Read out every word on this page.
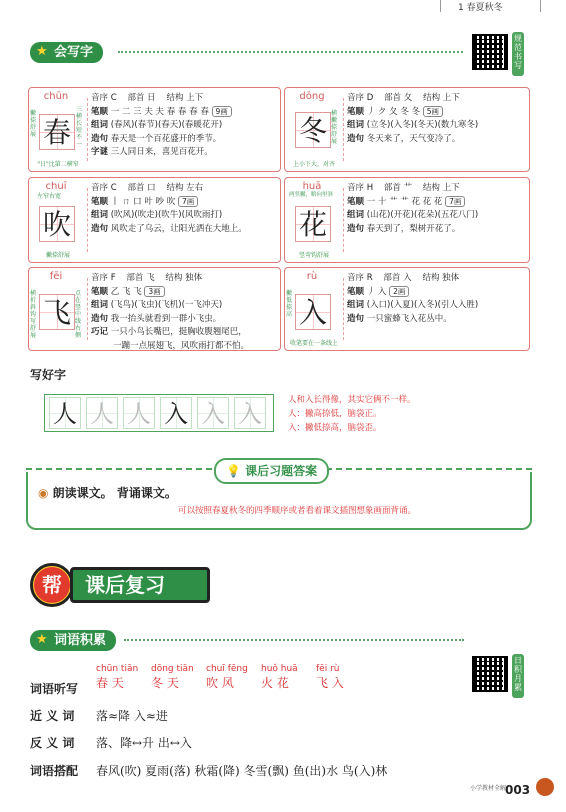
1 春夏秋冬
★ 会写字
规范书写
chūn
春
撇捺舒展
三横长短不一
"日"比第二横窄
音序 C 部首 日 结构 上下
笔顺 一 二 三 夫 夫 春 春 春 春 9画
组词 (春风)(春节)(春天)(春暖花开)
造句 春天是一个百花盛开的季节。
字谜 三人同日来，喜见百花开。
dōng
冬
横撇 捺舒展
上小下大，对齐
音序 D 部首 夂 结构 上下
笔顺 丿 ク 夂 冬 冬 5画
组词 (立冬)(入冬)(冬天)(数九寒冬)
造句 冬天来了，天气变冷了。
chuī
左窄右宽
吹
撇捺舒展
音序 C 部首 口 结构 左右
笔顺 丨 ㄇ 口 叶 吵 吹 7画
组词 (吹风)(吹走)(吹牛)(风吹雨打)
造句 风吹走了乌云，让阳光洒在大地上。
huā
两竖撇，略向里斜
花
竖弯钩舒展
音序 H 部首 艹 结构 上下
笔顺 一 十 艹 艹 花 花 花 7画
组词 (山花)(开花)(花朵)(五花八门)
造句 春天到了，梨树开花了。
fēi
横折斜钩写舒展
飞
点在竖中线右侧
音序 F 部首 飞 结构 独体
笔顺 乙 飞 飞 3画
组词 (飞鸟)(飞虫)(飞机)(一飞冲天)
造句 我一抬头就看到一群小飞虫。
巧记 一只小鸟长嘴巴，挺胸收腹翘尾巴，
一蹦一点展翅飞，风吹雨打都不怕。
rù
撇低捺高 入
收笔要在一条线上
音序 R 部首 入 结构 独体
笔顺 丿 入 2画
组词 (入口)(入夏)(入冬)(引人入胜)
造句 一只蜜蜂飞入花丛中。
写好字
人 人 人 入 入 入	人和入长得像，其实它俩不一样。
人：撇高捺低，脑袋正。
入：撇低捺高，脑袋歪。
💡 课后习题答案
◉ 朗读课文。 背诵课文。
可以按照春夏秋冬的四季顺序或者看着课文插图想象画面背诵。
帮	课后复习
★ 词语积累
日积月累
词语听写
chūn tiān
春 天
dōng tiān
冬 天
chuī fēng
吹 风
huǒ huā
火 花
fēi rù
飞 入
近 义 词 落≈降 入≈进
反 义 词 落、降↔升 出↔入
词语搭配 春风(吹) 夏雨(落) 秋霜(降) 冬雪(飘) 鱼(出)水 鸟(入)林
小学教材全解
003
